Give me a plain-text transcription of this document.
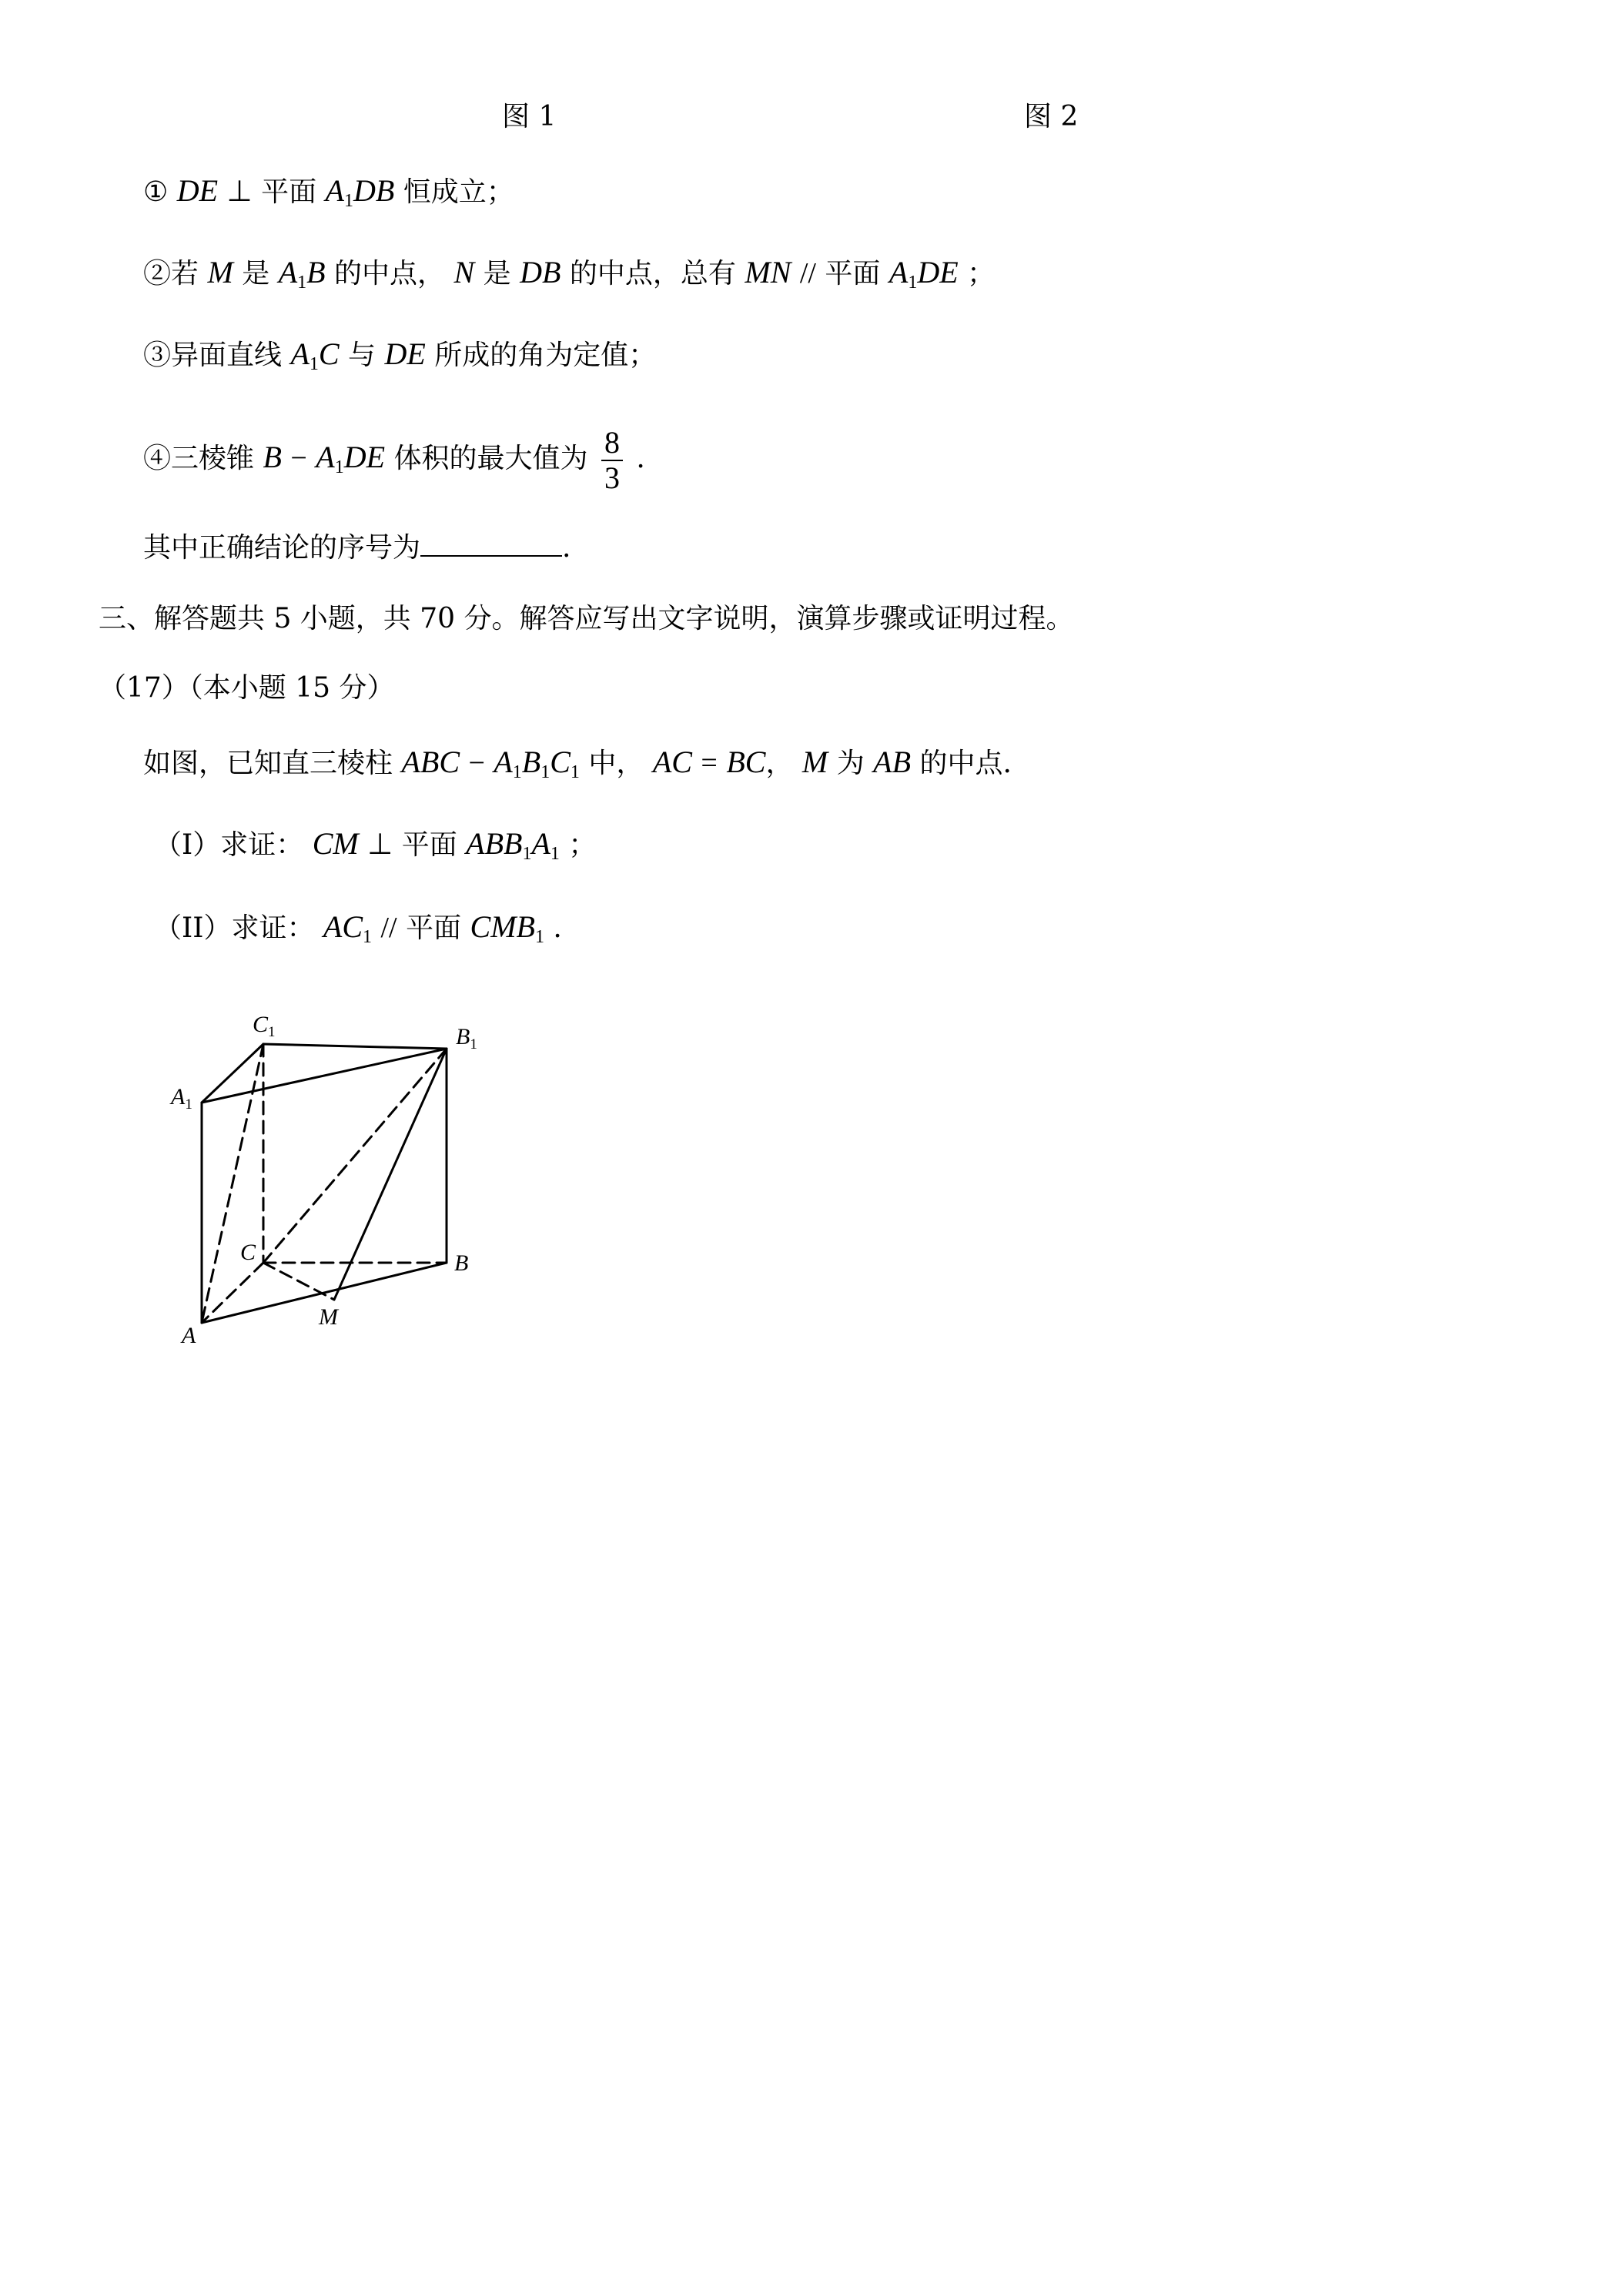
图 1	图 2
① DE ⊥ 平面 $A_1DB$ 恒成立；
②若 M 是 $A_1B$ 的中点， N 是 DB 的中点，总有 MN // 平面 $A_1DE$ ；
③异面直线 $A_1C$ 与 DE 所成的角为定值；
④三棱锥 $B - A_1DE$ 体积的最大值为 $\frac{8}{3}$ .
其中正确结论的序号为	.
三、解答题共 5 小题，共 70 分。解答应写出文字说明，演算步骤或证明过程。
（17）（本小题 15 分）
如图，已知直三棱柱 ABC − $A_1B_1C_1$ 中， AC = BC， M 为 AB 的中点.
（I）求证： CM ⊥ 平面 $ABB_1A_1$ ；
（II）求证： $AC_1$ // 平面 $CMB_1$ .
$C_1$	$B_1$
$A_1$
C	B
A
M
